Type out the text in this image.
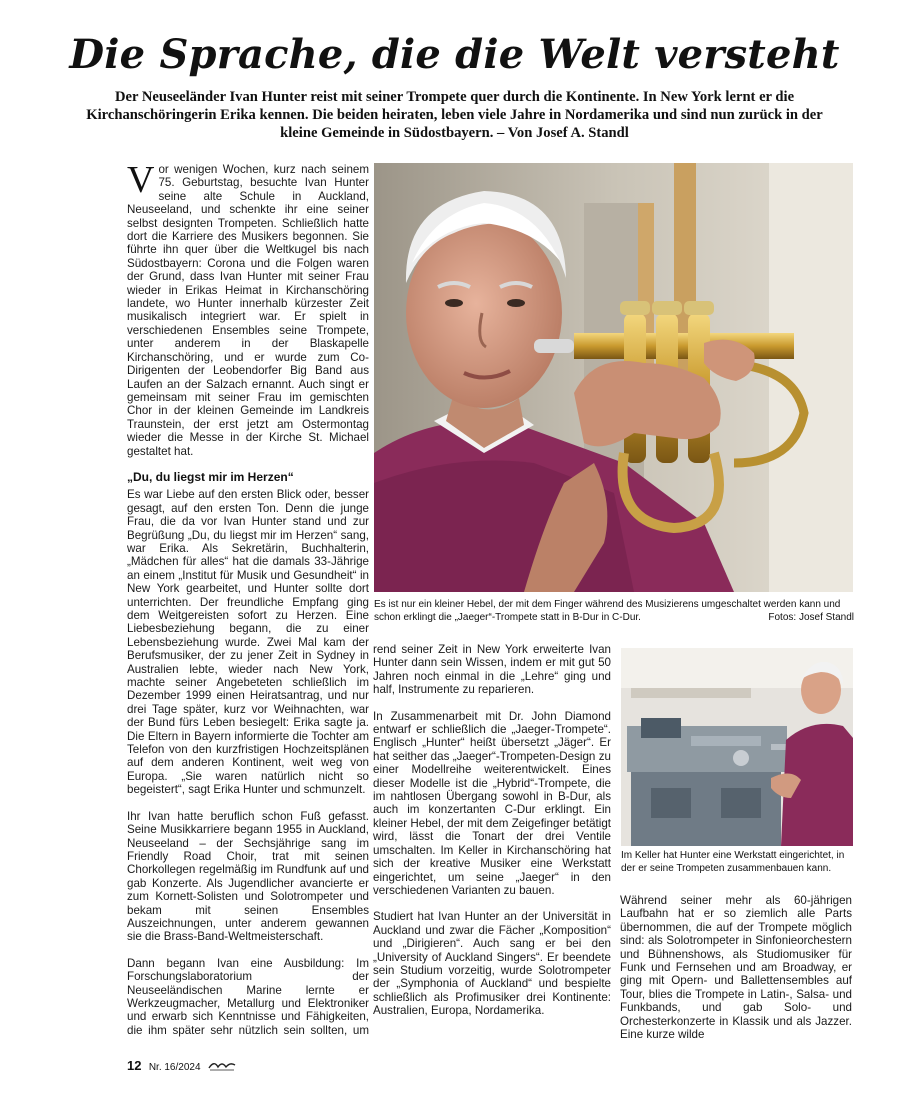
Die Sprache, die die Welt versteht

Der Neuseeländer Ivan Hunter reist mit seiner Trompete quer durch die Kontinente. In New York lernt er die Kirchanschöringerin Erika kennen. Die beiden heiraten, leben viele Jahre in Nordamerika und sind nun zurück in der kleine Gemeinde in Südostbayern. – Von Josef A. Standl

Vor wenigen Wochen, kurz nach seinem 75. Geburtstag, besuchte Ivan Hunter seine alte Schule in Auckland, Neuseeland, und schenkte ihr eine seiner selbst designten Trompeten. Schließlich hatte dort die Karriere des Musikers begonnen. Sie führte ihn quer über die Weltkugel bis nach Südostbayern: Corona und die Folgen waren der Grund, dass Ivan Hunter mit seiner Frau wieder in Erikas Heimat in Kirchanschöring landete, wo Hunter innerhalb kürzester Zeit musikalisch integriert war. Er spielt in verschiedenen Ensembles seine Trompete, unter anderem in der Blaskapelle Kirchanschöring, und er wurde zum Co-Dirigenten der Leobendorfer Big Band aus Laufen an der Salzach ernannt. Auch singt er gemeinsam mit seiner Frau im gemischten Chor in der kleinen Gemeinde im Landkreis Traunstein, der erst jetzt am Ostermontag wieder die Messe in der Kirche St. Michael gestaltet hat.

„Du, du liegst mir im Herzen“

Es war Liebe auf den ersten Blick oder, besser gesagt, auf den ersten Ton. Denn die junge Frau, die da vor Ivan Hunter stand und zur Begrüßung „Du, du liegst mir im Herzen“ sang, war Erika. Als Sekretärin, Buchhalterin, „Mädchen für alles“ hat die damals 33-Jährige an einem „Institut für Musik und Gesundheit“ in New York gearbeitet, und Hunter sollte dort unterrichten. Der freundliche Empfang ging dem Weitgereisten sofort zu Herzen. Eine Liebesbeziehung begann, die zu einer Lebensbeziehung wurde. Zwei Mal kam der Berufsmusiker, der zu jener Zeit in Sydney in Australien lebte, wieder nach New York, machte seiner Angebeteten schließlich im Dezember 1999 einen Heiratsantrag, und nur drei Tage später, kurz vor Weihnachten, war der Bund fürs Leben besiegelt: Erika sagte ja. Die Eltern in Bayern informierte die Tochter am Telefon von den kurzfristigen Hochzeitsplänen auf dem anderen Kontinent, weit weg von Europa. „Sie waren natürlich nicht so begeistert“, sagt Erika Hunter und schmunzelt.

Ihr Ivan hatte beruflich schon Fuß gefasst. Seine Musikkarriere begann 1955 in Auckland, Neuseeland – der Sechsjährige sang im Friendly Road Choir, trat mit seinen Chorkollegen regelmäßig im Rundfunk auf und gab Konzerte. Als Jugendlicher avancierte er zum Kornett-Solisten und Solotrompeter und bekam mit seinen Ensembles Auszeichnungen, unter anderem gewannen sie die Brass-Band-Weltmeisterschaft.

Dann begann Ivan eine Ausbildung: Im Forschungslaboratorium der Neuseeländischen Marine lernte er Werkzeugmacher, Metallurg und Elektroniker und erwarb sich Kenntnisse und Fähigkeiten, die ihm später sehr nützlich sein sollten, um

Es ist nur ein kleiner Hebel, der mit dem Finger während des Musizierens umgeschaltet werden kann und schon erklingt die „Jaeger“-Trompete statt in B-Dur in C-Dur.	Fotos: Josef Standl

rend seiner Zeit in New York erweiterte Ivan Hunter dann sein Wissen, indem er mit gut 50 Jahren noch einmal in die „Lehre“ ging und half, Instrumente zu reparieren.

In Zusammenarbeit mit Dr. John Diamond entwarf er schließlich die „Jaeger-Trompete“. Englisch „Hunter“ heißt übersetzt „Jäger“. Er hat seither das „Jaeger“-Trompeten-Design zu einer Modellreihe weiterentwickelt. Eines dieser Modelle ist die „Hybrid“-Trompete, die im nahtlosen Übergang sowohl in B-Dur, als auch im konzertanten C-Dur erklingt. Ein kleiner Hebel, der mit dem Zeigefinger betätigt wird, lässt die Tonart der drei Ventile umschalten. Im Keller in Kirchanschöring hat sich der kreative Musiker eine Werkstatt eingerichtet, um seine „Jaeger“ in den verschiedenen Varianten zu bauen.

Studiert hat Ivan Hunter an der Universität in Auckland und zwar die Fächer „Komposition“ und „Dirigieren“. Auch sang er bei den „University of Auckland Singers“. Er beendete sein Studium vorzeitig, wurde Solotrompeter der „Symphonia of Auckland“ und bespielte schließlich als Profimusiker drei Kontinente: Australien, Europa, Nordamerika.

Im Keller hat Hunter eine Werkstatt eingerichtet, in der er seine Trompeten zusammenbauen kann.

Während seiner mehr als 60-jährigen Laufbahn hat er so ziemlich alle Parts übernommen, die auf der Trompete möglich sind: als Solotrompeter in Sinfonieorchestern und Bühnenshows, als Studiomusiker für Funk und Fernsehen und am Broadway, er ging mit Opern- und Ballettensembles auf Tour, blies die Trompete in Latin-, Salsa- und Funkbands, und gab Solo- und Orchesterkonzerte in Klassik und als Jazzer. Eine kurze wilde

12 Nr. 16/2024
